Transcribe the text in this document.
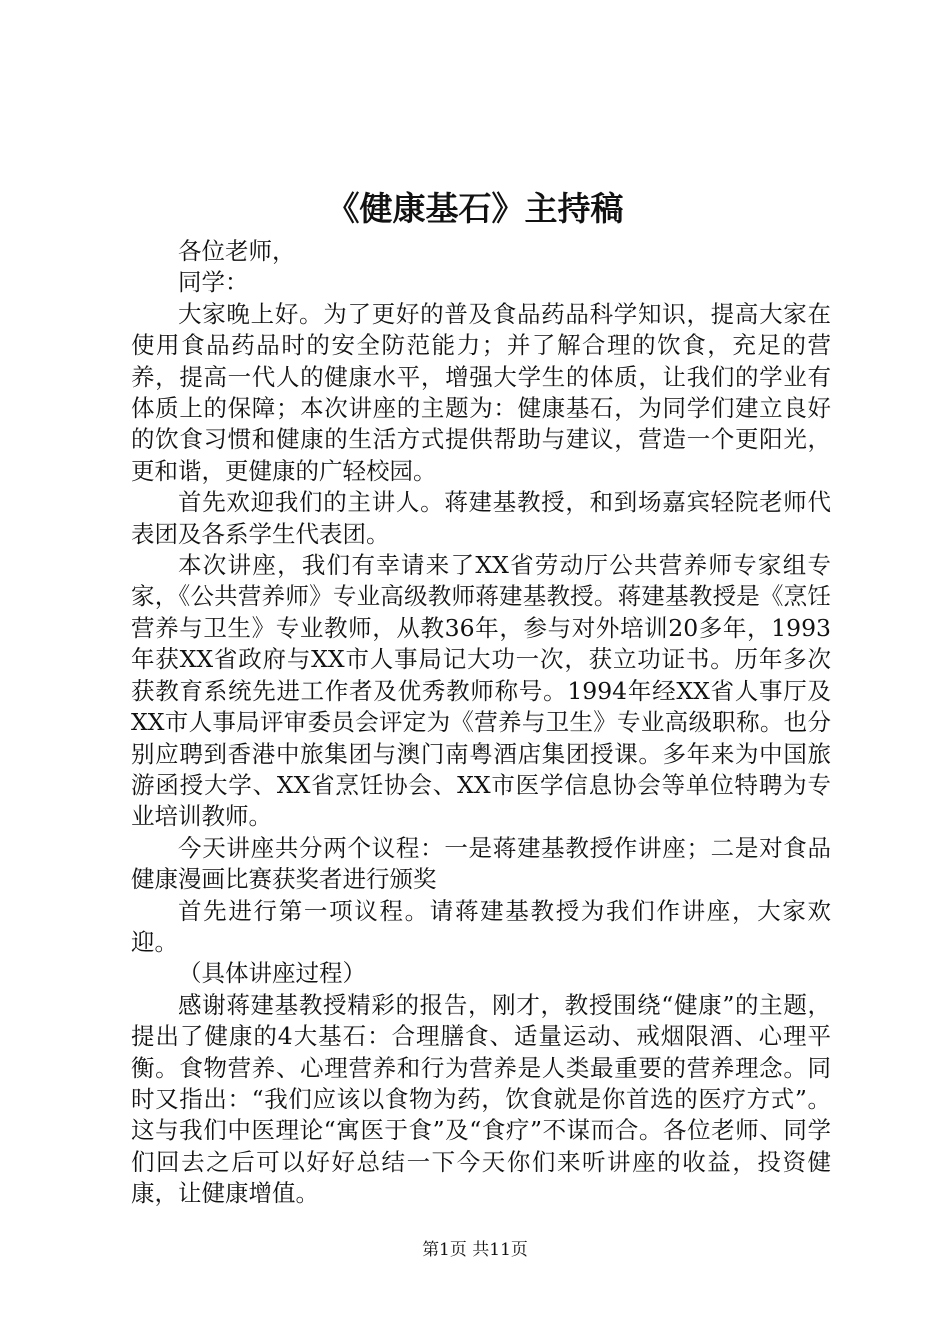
《健康基石》主持稿

各位老师，

同学：

大家晚上好。为了更好的普及食品药品科学知识，提高大家在使用食品药品时的安全防范能力；并了解合理的饮食，充足的营养，提高一代人的健康水平，增强大学生的体质，让我们的学业有体质上的保障；本次讲座的主题为：健康基石，为同学们建立良好的饮食习惯和健康的生活方式提供帮助与建议，营造一个更阳光，更和谐，更健康的广轻校园。

首先欢迎我们的主讲人。蒋建基教授，和到场嘉宾轻院老师代表团及各系学生代表团。

本次讲座，我们有幸请来了XX省劳动厅公共营养师专家组专家，《公共营养师》专业高级教师蒋建基教授。蒋建基教授是《烹饪营养与卫生》专业教师，从教36年，参与对外培训20多年，1993年获XX省政府与XX市人事局记大功一次，获立功证书。历年多次获教育系统先进工作者及优秀教师称号。1994年经XX省人事厅及XX市人事局评审委员会评定为《营养与卫生》专业高级职称。也分别应聘到香港中旅集团与澳门南粤酒店集团授课。多年来为中国旅游函授大学、XX省烹饪协会、XX市医学信息协会等单位特聘为专业培训教师。

今天讲座共分两个议程：一是蒋建基教授作讲座；二是对食品健康漫画比赛获奖者进行颁奖

首先进行第一项议程。请蒋建基教授为我们作讲座，大家欢迎。

（具体讲座过程）

感谢蒋建基教授精彩的报告，刚才，教授围绕“健康”的主题，提出了健康的4大基石：合理膳食、适量运动、戒烟限酒、心理平衡。食物营养、心理营养和行为营养是人类最重要的营养理念。同时又指出：“我们应该以食物为药，饮食就是你首选的医疗方式”。这与我们中医理论“寓医于食”及“食疗”不谋而合。各位老师、同学们回去之后可以好好总结一下今天你们来听讲座的收益，投资健康，让健康增值。

第1页 共11页
